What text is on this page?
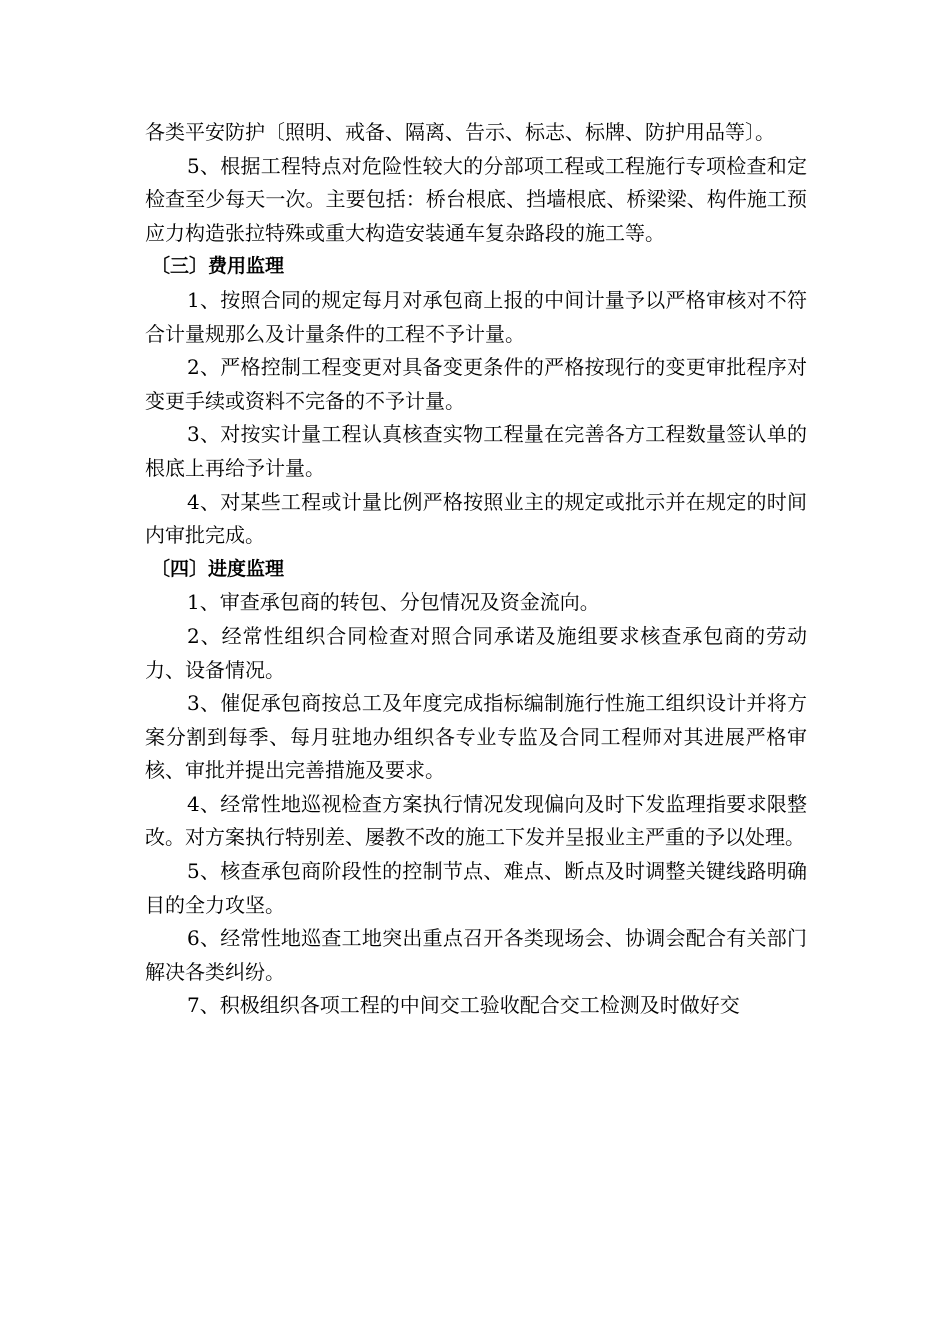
各类平安防护〔照明、戒备、隔离、告示、标志、标牌、防护用品等〕。

5、根据工程特点对危险性较大的分部项工程或工程施行专项检查和定检查至少每天一次。主要包括：桥台根底、挡墙根底、桥梁梁、构件施工预应力构造张拉特殊或重大构造安装通车复杂路段的施工等。

〔三〕费用监理

1、按照合同的规定每月对承包商上报的中间计量予以严格审核对不符合计量规那么及计量条件的工程不予计量。

2、严格控制工程变更对具备变更条件的严格按现行的变更审批程序对变更手续或资料不完备的不予计量。

3、对按实计量工程认真核查实物工程量在完善各方工程数量签认单的根底上再给予计量。

4、对某些工程或计量比例严格按照业主的规定或批示并在规定的时间内审批完成。

〔四〕进度监理

1、审查承包商的转包、分包情况及资金流向。

2、经常性组织合同检查对照合同承诺及施组要求核查承包商的劳动力、设备情况。

3、催促承包商按总工及年度完成指标编制施行性施工组织设计并将方案分割到每季、每月驻地办组织各专业专监及合同工程师对其进展严格审核、审批并提出完善措施及要求。

4、经常性地巡视检查方案执行情况发现偏向及时下发监理指要求限整改。对方案执行特别差、屡教不改的施工下发并呈报业主严重的予以处理。

5、核查承包商阶段性的控制节点、难点、断点及时调整关键线路明确目的全力攻坚。

6、经常性地巡查工地突出重点召开各类现场会、协调会配合有关部门解决各类纠纷。

7、积极组织各项工程的中间交工验收配合交工检测及时做好交
